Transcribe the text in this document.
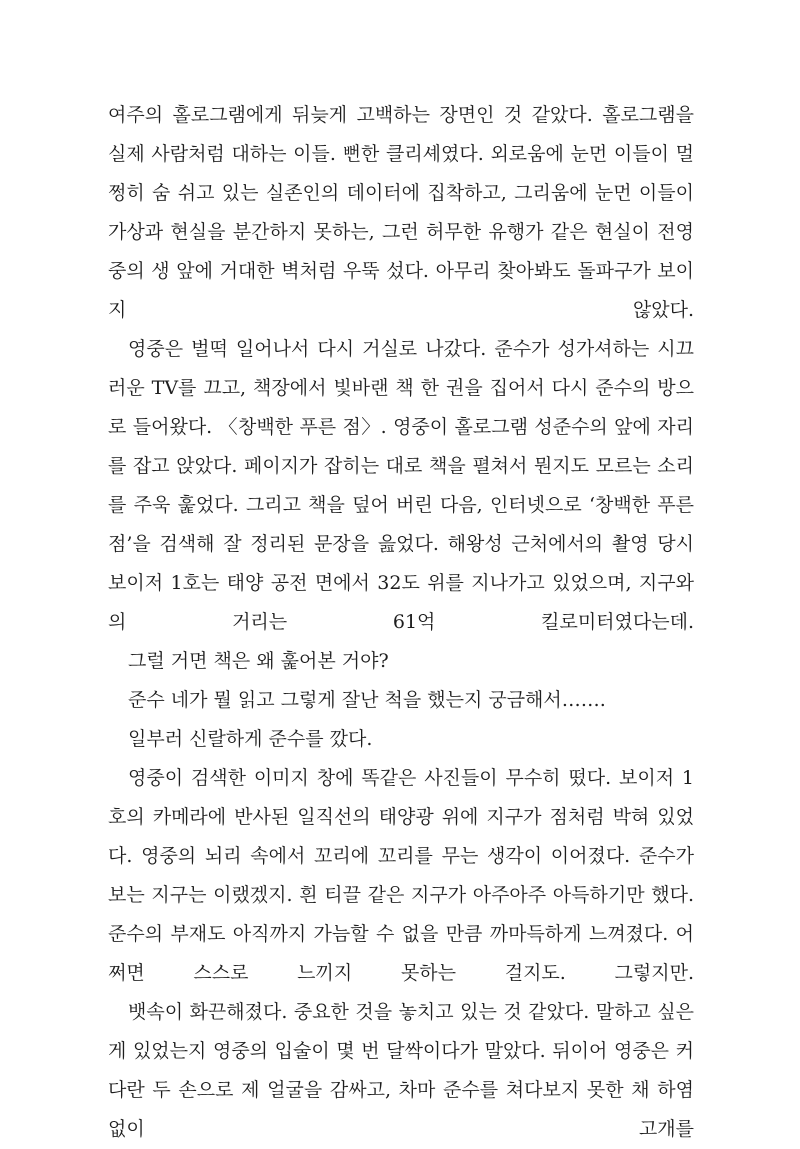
여주의 홀로그램에게 뒤늦게 고백하는 장면인 것 같았다. 홀로그램을 실제 사람처럼 대하는 이들. 뻔한 클리셰였다. 외로움에 눈먼 이들이 멀쩡히 숨 쉬고 있는 실존인의 데이터에 집착하고, 그리움에 눈먼 이들이 가상과 현실을 분간하지 못하는, 그런 허무한 유행가 같은 현실이 전영중의 생 앞에 거대한 벽처럼 우뚝 섰다. 아무리 찾아봐도 돌파구가 보이지 않았다.

영중은 벌떡 일어나서 다시 거실로 나갔다. 준수가 성가셔하는 시끄러운 TV를 끄고, 책장에서 빛바랜 책 한 권을 집어서 다시 준수의 방으로 들어왔다. 〈창백한 푸른 점〉. 영중이 홀로그램 성준수의 앞에 자리를 잡고 앉았다. 페이지가 잡히는 대로 책을 펼쳐서 뭔지도 모르는 소리를 주욱 훑었다. 그리고 책을 덮어 버린 다음, 인터넷으로 ‘창백한 푸른 점’을 검색해 잘 정리된 문장을 읊었다. 해왕성 근처에서의 촬영 당시 보이저 1호는 태양 공전 면에서 32도 위를 지나가고 있었으며, 지구와의 거리는 61억 킬로미터였다는데.

그럴 거면 책은 왜 훑어본 거야?

준수 네가 뭘 읽고 그렇게 잘난 척을 했는지 궁금해서…….

일부러 신랄하게 준수를 깠다.

영중이 검색한 이미지 창에 똑같은 사진들이 무수히 떴다. 보이저 1호의 카메라에 반사된 일직선의 태양광 위에 지구가 점처럼 박혀 있었다. 영중의 뇌리 속에서 꼬리에 꼬리를 무는 생각이 이어졌다. 준수가 보는 지구는 이랬겠지. 흰 티끌 같은 지구가 아주아주 아득하기만 했다. 준수의 부재도 아직까지 가늠할 수 없을 만큼 까마득하게 느껴졌다. 어쩌면 스스로 느끼지 못하는 걸지도. 그렇지만.

뱃속이 화끈해졌다. 중요한 것을 놓치고 있는 것 같았다. 말하고 싶은 게 있었는지 영중의 입술이 몇 번 달싹이다가 말았다. 뒤이어 영중은 커다란 두 손으로 제 얼굴을 감싸고, 차마 준수를 쳐다보지 못한 채 하염없이 고개를
